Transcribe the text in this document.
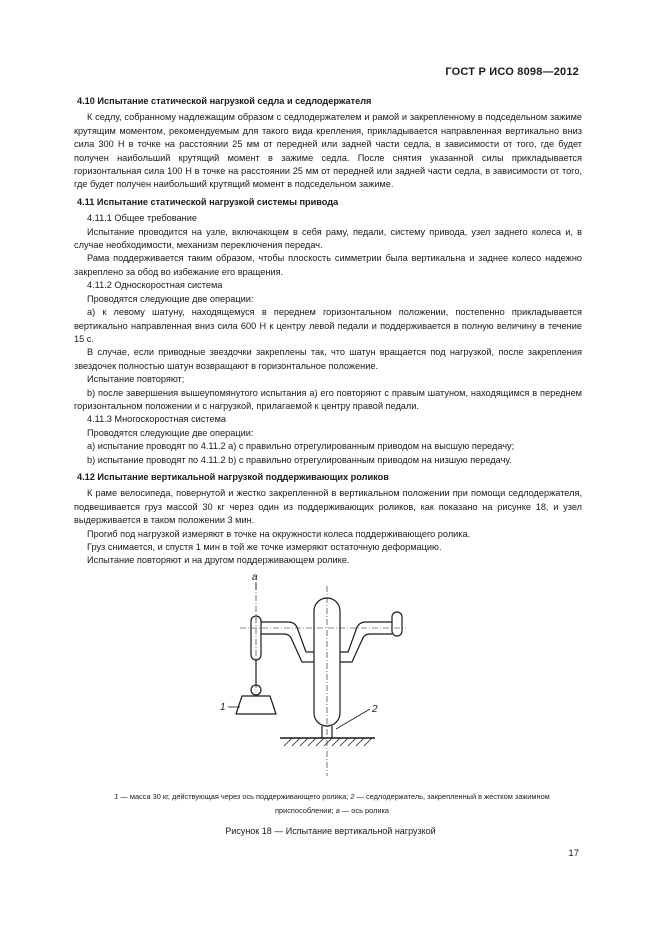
ГОСТ Р ИСО 8098—2012
4.10 Испытание статической нагрузкой седла и седлодержателя

К седлу, собранному надлежащим образом с седлодержателем и рамой и закрепленному в подседельном зажиме крутящим моментом, рекомендуемым для такого вида крепления, прикладывается направленная вертикально вниз сила 300 Н в точке на расстоянии 25 мм от передней или задней части седла, в зависимости от того, где будет получен наибольший крутящий момент в зажиме седла. После снятия указанной силы прикладывается горизонтальная сила 100 Н в точке на расстоянии 25 мм от передней или задней части седла, в зависимости от того, где будет получен наибольший крутящий момент в подседельном зажиме.

4.11 Испытание статической нагрузкой системы привода

4.11.1 Общее требование

Испытание проводится на узле, включающем в себя раму, педали, систему привода, узел заднего колеса и, в случае необходимости, механизм переключения передач.

Рама поддерживается таким образом, чтобы плоскость симметрии была вертикальна и заднее колесо надежно закреплено за обод во избежание его вращения.

4.11.2 Односкоростная система

Проводятся следующие две операции:

a) к левому шатуну, находящемуся в переднем горизонтальном положении, постепенно прикладывается вертикально направленная вниз сила 600 Н к центру левой педали и поддерживается в полную величину в течение 15 с.

В случае, если приводные звездочки закреплены так, что шатун вращается под нагрузкой, после закрепления звездочек полностью шатун возвращают в горизонтальное положение.

Испытание повторяют;

b) после завершения вышеупомянутого испытания а) его повторяют с правым шатуном, находящимся в переднем горизонтальном положении и с нагрузкой, прилагаемой к центру правой педали.

4.11.3 Многоскоростная система

Проводятся следующие две операции:

a) испытание проводят по 4.11.2 а) с правильно отрегулированным приводом на высшую передачу;

b) испытание проводят по 4.11.2 b) с правильно отрегулированным приводом на низшую передачу.

4.12 Испытание вертикальной нагрузкой поддерживающих роликов

К раме велосипеда, повернутой и жестко закрепленной в вертикальном положении при помощи седлодержателя, подвешивается груз массой 30 кг через один из поддерживающих роликов, как показано на рисунке 18, и узел выдерживается в таком положении 3 мин.

Прогиб под нагрузкой измеряют в точке на окружности колеса поддерживающего ролика.

Груз снимается, и спустя 1 мин в той же точке измеряют остаточную деформацию.

Испытание повторяют и на другом поддерживающем ролике.

a
1	2
1 — масса 30 кг, действующая через ось поддерживающего ролика; 2 — седлодержатель, закрепленный в жестком зажимном
приспособлении; а — ось ролика
Рисунок 18 — Испытание вертикальной нагрузкой
17
